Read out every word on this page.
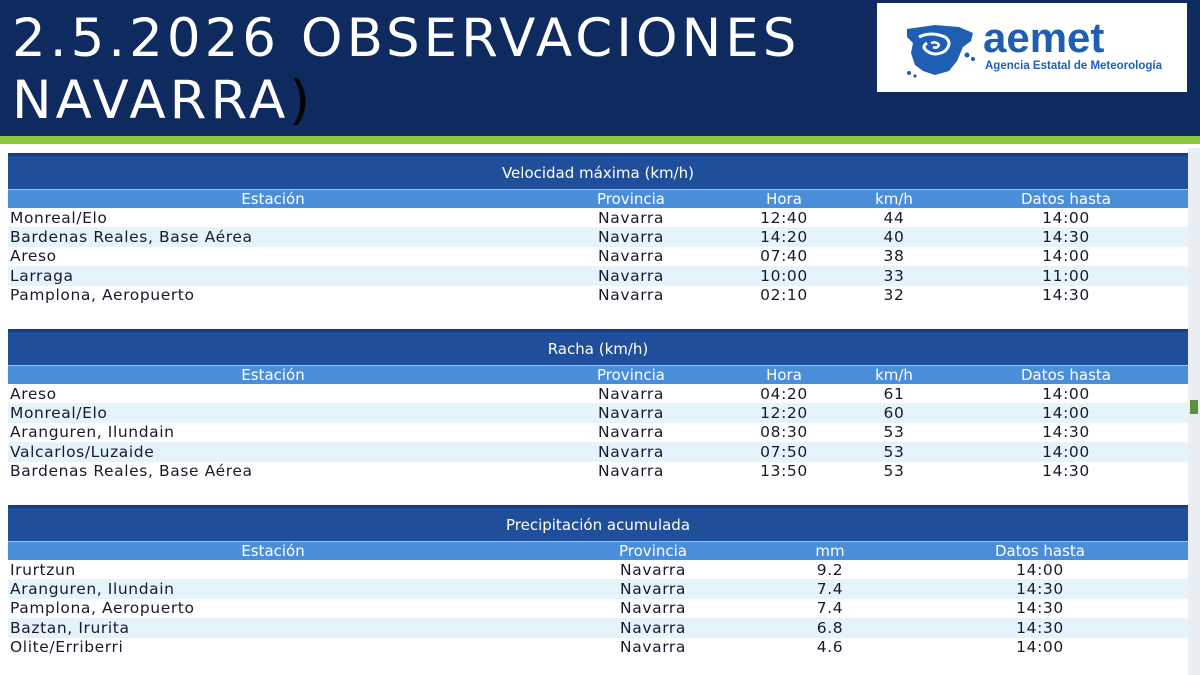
2.5.2026 OBSERVACIONES
NAVARRA)
aemet
Agencia Estatal de Meteorología
Velocidad máxima (km/h)
Estación	Provincia	Hora	km/h	Datos hasta
Monreal/Elo	Navarra	12:40	44	14:00
Bardenas Reales, Base Aérea	Navarra	14:20	40	14:30
Areso	Navarra	07:40	38	14:00
Larraga	Navarra	10:00	33	11:00
Pamplona, Aeropuerto	Navarra	02:10	32	14:30
Racha (km/h)
Estación	Provincia	Hora	km/h	Datos hasta
Areso	Navarra	04:20	61	14:00
Monreal/Elo	Navarra	12:20	60	14:00
Aranguren, Ilundain	Navarra	08:30	53	14:30
Valcarlos/Luzaide	Navarra	07:50	53	14:00
Bardenas Reales, Base Aérea	Navarra	13:50	53	14:30
Precipitación acumulada
Estación	Provincia	mm	Datos hasta
Irurtzun	Navarra	9.2	14:00
Aranguren, Ilundain	Navarra	7.4	14:30
Pamplona, Aeropuerto	Navarra	7.4	14:30
Baztan, Irurita	Navarra	6.8	14:30
Olite/Erriberri	Navarra	4.6	14:00
